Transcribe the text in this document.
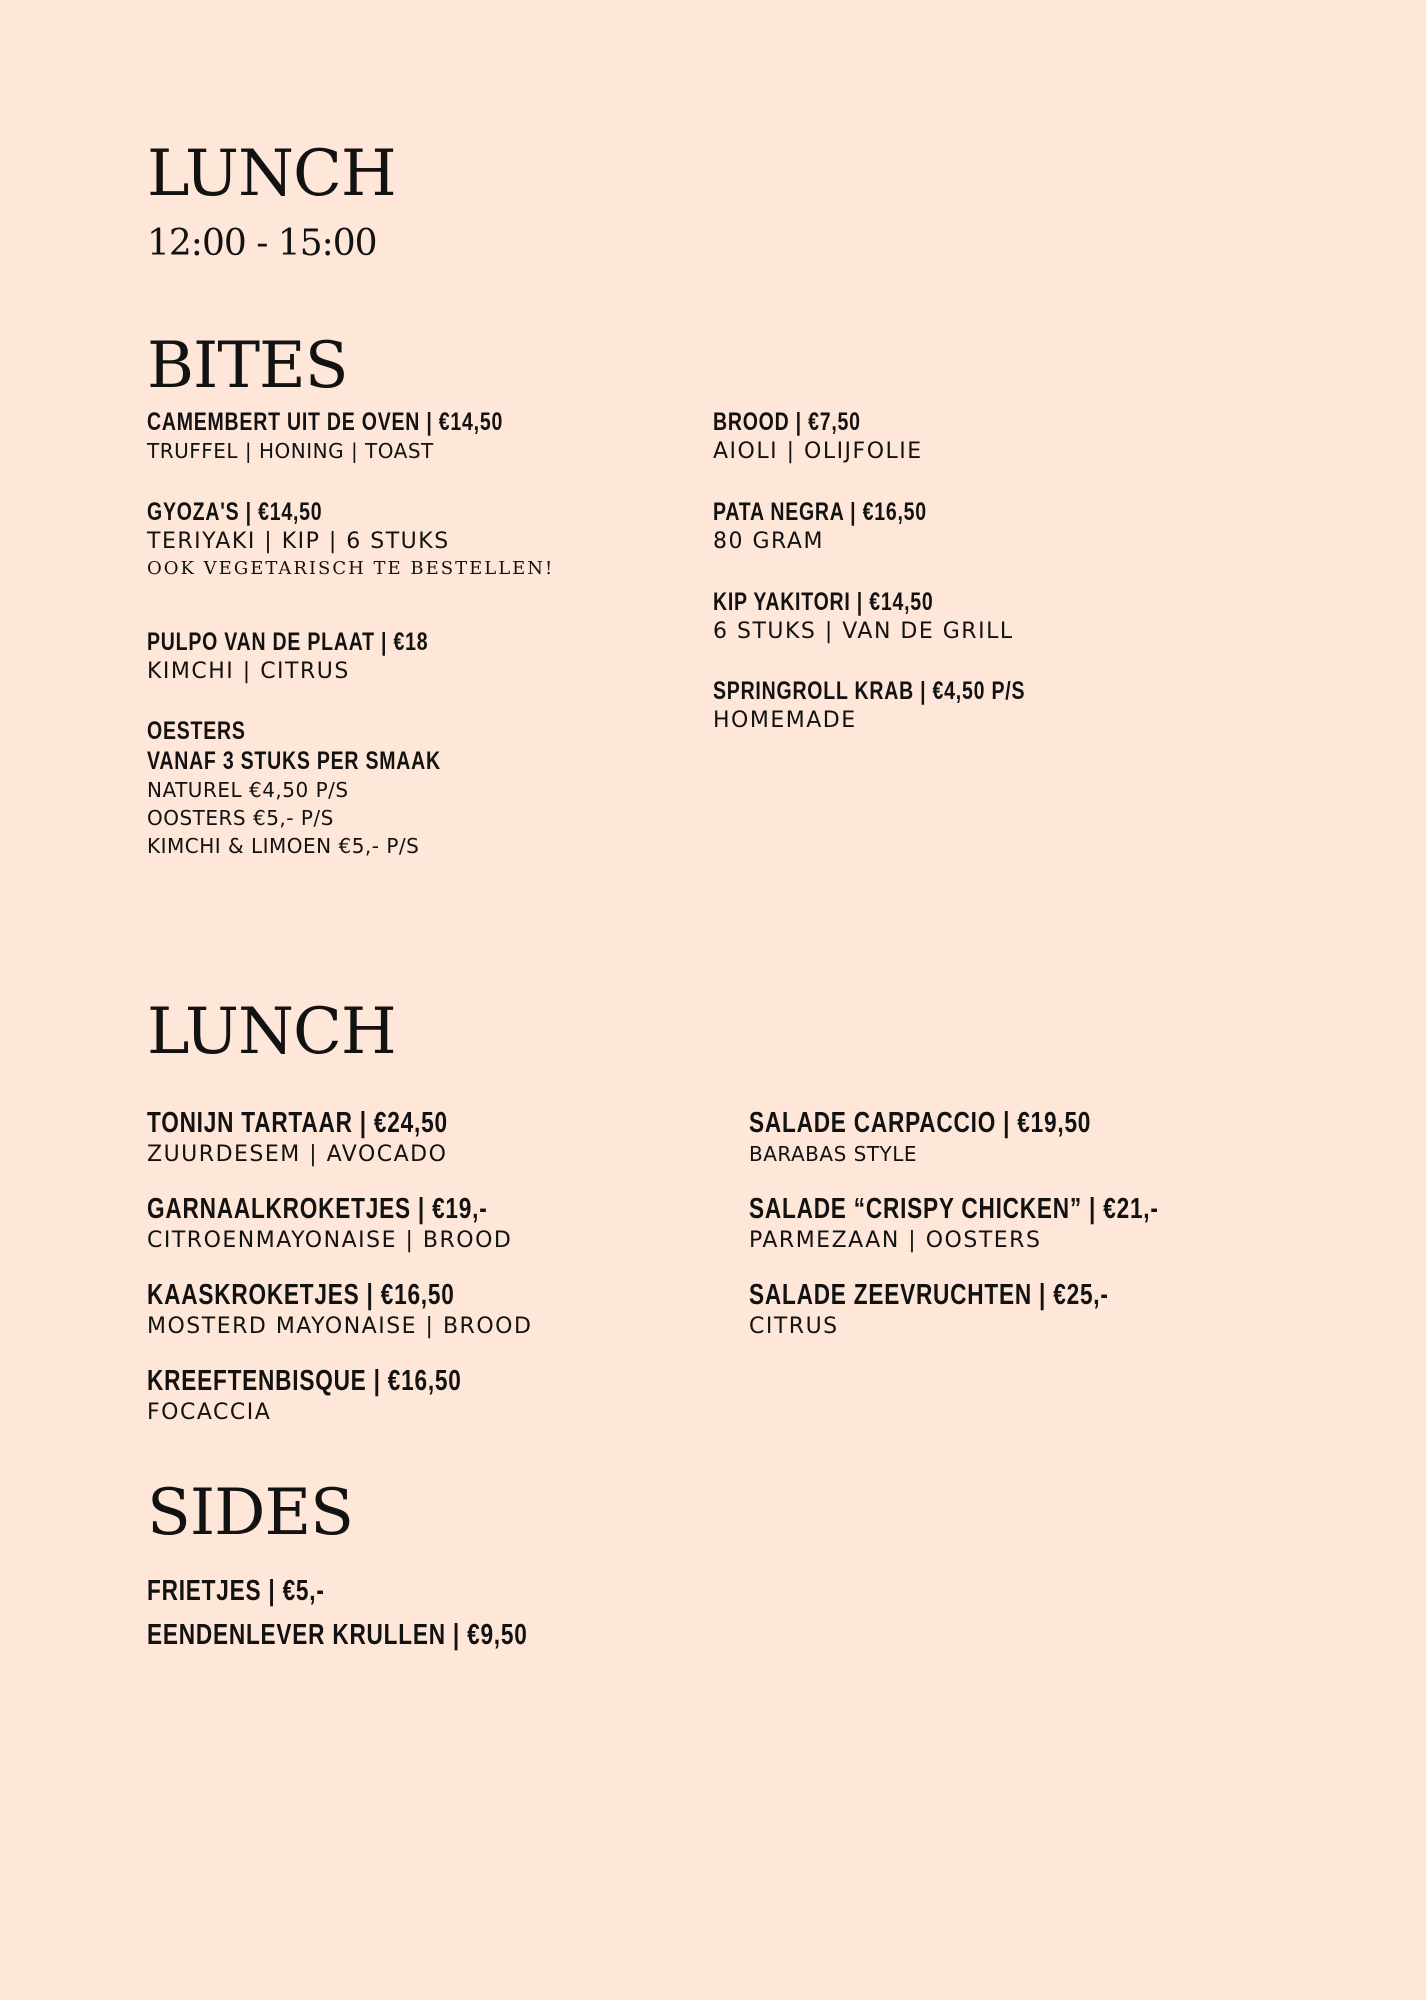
LUNCH

12:00 - 15:00

BITES
CAMEMBERT UIT DE OVEN | €14,50
TRUFFEL | HONING | TOAST
GYOZA'S | €14,50
TERIYAKI | KIP | 6 STUKS
OOK VEGETARISCH TE BESTELLEN!
PULPO VAN DE PLAAT | €18
KIMCHI | CITRUS
OESTERS
VANAF 3 STUKS PER SMAAK
NATUREL €4,50 P/S
OOSTERS €5,- P/S
KIMCHI & LIMOEN €5,- P/S
BROOD | €7,50
AIOLI | OLIJFOLIE
PATA NEGRA | €16,50
80 GRAM
KIP YAKITORI | €14,50
6 STUKS | VAN DE GRILL
SPRINGROLL KRAB | €4,50 P/S
HOMEMADE
LUNCH
TONIJN TARTAAR | €24,50
ZUURDESEM | AVOCADO
GARNAALKROKETJES | €19,-
CITROENMAYONAISE | BROOD
KAASKROKETJES | €16,50
MOSTERD MAYONAISE | BROOD
KREEFTENBISQUE | €16,50
FOCACCIA
SALADE CARPACCIO | €19,50
BARABAS STYLE
SALADE “CRISPY CHICKEN” | €21,-
PARMEZAAN | OOSTERS
SALADE ZEEVRUCHTEN | €25,-
CITRUS
SIDES
FRIETJES | €5,-
EENDENLEVER KRULLEN | €9,50
